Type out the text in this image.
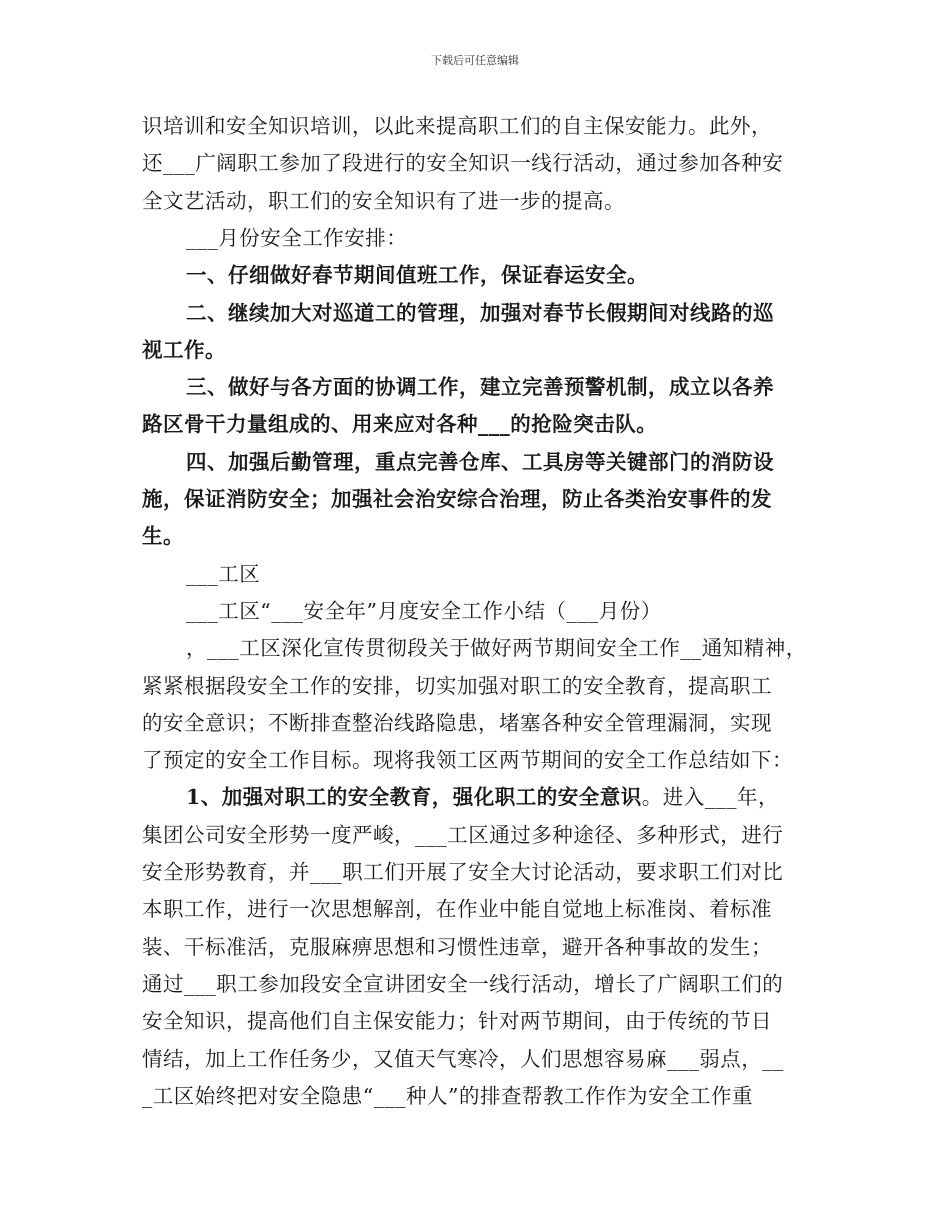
下载后可任意编辑
识培训和安全知识培训，以此来提高职工们的自主保安能力。此外，
还___广阔职工参加了段进行的安全知识一线行活动，通过参加各种安
全文艺活动，职工们的安全知识有了进一步的提高。
___月份安全工作安排：
一、仔细做好春节期间值班工作，保证春运安全。
二、继续加大对巡道工的管理，加强对春节长假期间对线路的巡
视工作。
三、做好与各方面的协调工作，建立完善预警机制，成立以各养
路区骨干力量组成的、用来应对各种___的抢险突击队。
四、加强后勤管理，重点完善仓库、工具房等关键部门的消防设
施，保证消防安全；加强社会治安综合治理，防止各类治安事件的发
生。
___工区
___工区“___安全年”月度安全工作小结（___月份）
，___工区深化宣传贯彻段关于做好两节期间安全工作__通知精神，
紧紧根据段安全工作的安排，切实加强对职工的安全教育，提高职工
的安全意识；不断排查整治线路隐患，堵塞各种安全管理漏洞，实现
了预定的安全工作目标。现将我领工区两节期间的安全工作总结如下：
1、加强对职工的安全教育，强化职工的安全意识。进入___年，
集团公司安全形势一度严峻，___工区通过多种途径、多种形式，进行
安全形势教育，并___职工们开展了安全大讨论活动，要求职工们对比
本职工作，进行一次思想解剖，在作业中能自觉地上标准岗、着标准
装、干标准活，克服麻痹思想和习惯性违章，避开各种事故的发生；
通过___职工参加段安全宣讲团安全一线行活动，增长了广阔职工们的
安全知识，提高他们自主保安能力；针对两节期间，由于传统的节日
情结，加上工作任务少，又值天气寒冷，人们思想容易麻___弱点，__
_工区始终把对安全隐患“___种人”的排查帮教工作作为安全工作重
